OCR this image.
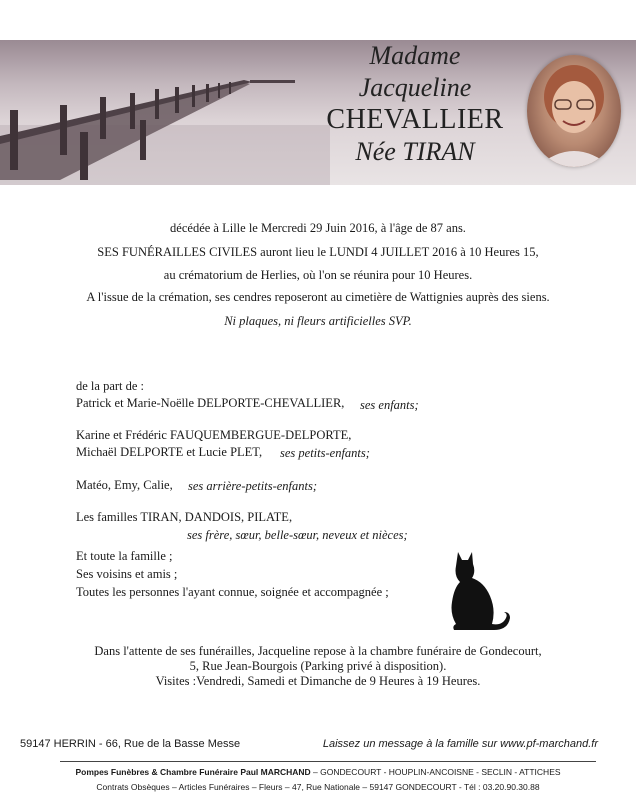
Madame
Jacqueline
CHEVALLIER
Née TIRAN
décédée à Lille le Mercredi 29 Juin 2016, à l'âge de 87 ans.
SES FUNÉRAILLES CIVILES auront lieu le LUNDI 4 JUILLET 2016 à 10 Heures 15,
au crématorium de Herlies, où l'on se réunira pour 10 Heures.
A l'issue de la crémation, ses cendres reposeront au cimetière de Wattignies auprès des siens.
Ni plaques, ni fleurs artificielles SVP.
de la part de :
Patrick et Marie-Noëlle DELPORTE-CHEVALLIER, ses enfants;
Karine et Frédéric FAUQUEMBERGUE-DELPORTE,
Michaël DELPORTE et Lucie PLET, ses petits-enfants;
Matéo, Emy, Calie, ses arrière-petits-enfants;
Les familles TIRAN, DANDOIS, PILATE,
ses frère, sœur, belle-sœur, neveux et nièces;
Et toute la famille ;
Ses voisins et amis ;
Toutes les personnes l'ayant connue, soignée et accompagnée ;
Dans l'attente de ses funérailles, Jacqueline repose à la chambre funéraire de Gondecourt,
5, Rue Jean-Bourgois (Parking privé à disposition).
Visites :Vendredi, Samedi et Dimanche de 9 Heures à 19 Heures.
59147 HERRIN - 66, Rue de la Basse Messe	Laissez un message à la famille sur www.pf-marchand.fr
Pompes Funèbres & Chambre Funéraire Paul MARCHAND – GONDECOURT - HOUPLIN-ANCOISNE - SECLIN - ATTICHES
Contrats Obsèques – Articles Funéraires – Fleurs – 47, Rue Nationale – 59147 GONDECOURT - Tél : 03.20.90.30.88
